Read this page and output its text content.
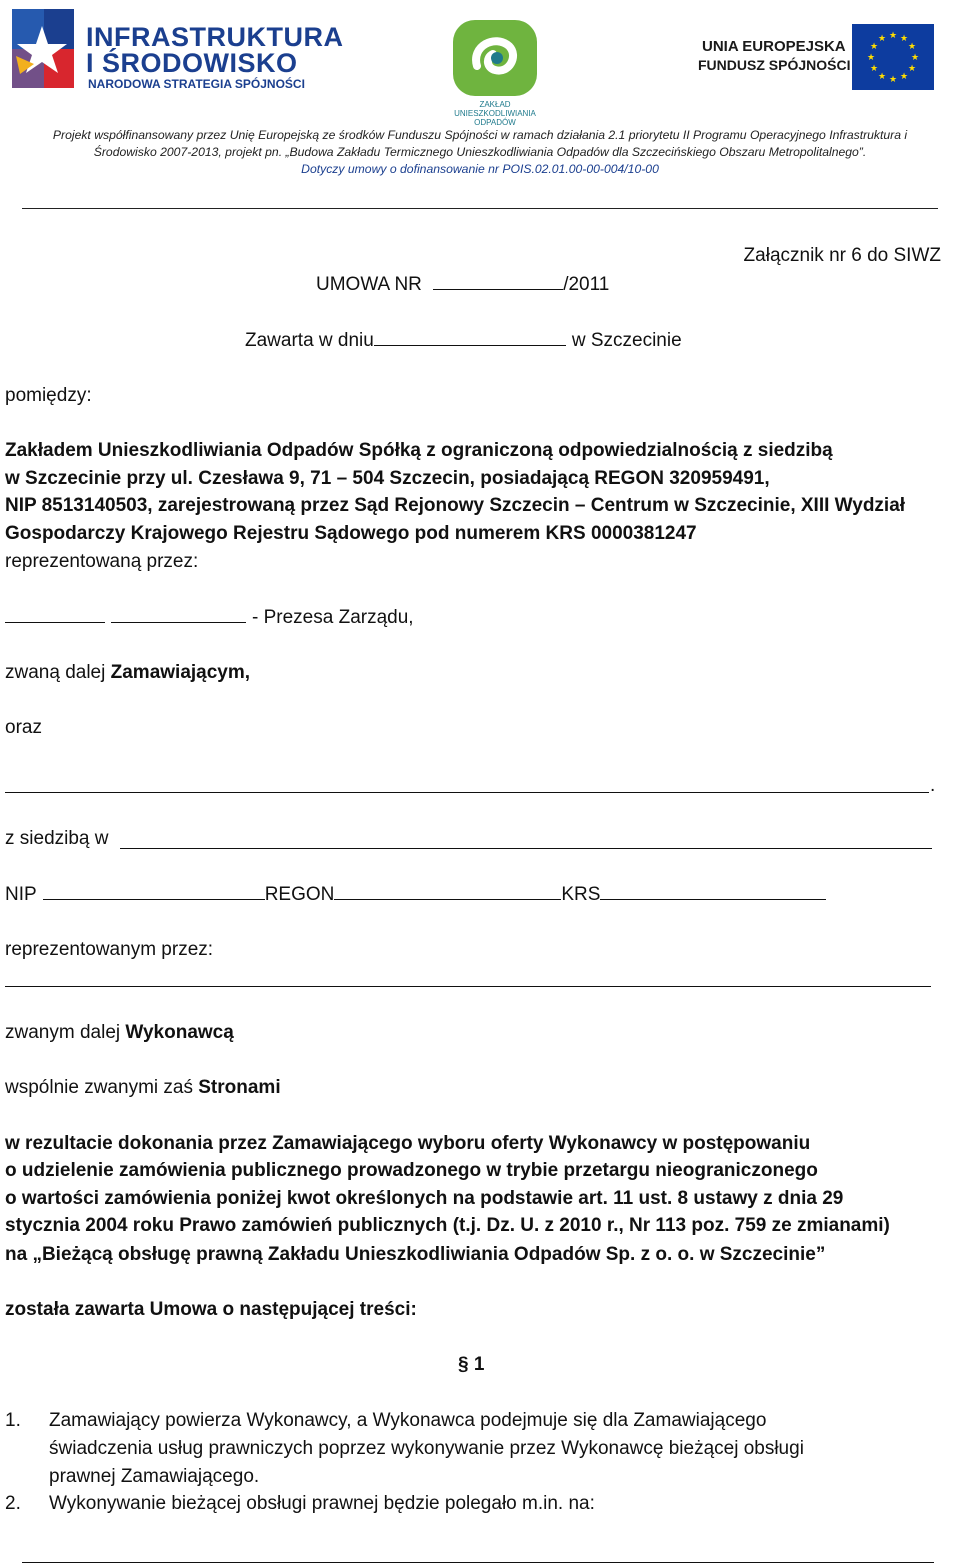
INFRASTRUKTURA
I ŚRODOWISKO
NARODOWA STRATEGIA SPÓJNOŚCI
ZAKŁAD
UNIESZKODLIWIANIA
ODPADÓW
UNIA EUROPEJSKA
FUNDUSZ SPÓJNOŚCI
★ ★
★
★
★
★
★
★
★
★
★
★
Projekt współfinansowany przez Unię Europejską ze środków Funduszu Spójności w ramach działania 2.1 priorytetu II Programu Operacyjnego Infrastruktura i
Środowisko 2007-2013, projekt pn. „Budowa Zakładu Termicznego Unieszkodliwiania Odpadów dla Szczecińskiego Obszaru Metropolitalnego”.
Dotyczy umowy o dofinansowanie nr POIS.02.01.00-00-004/10-00
Załącznik nr 6 do SIWZ
UMOWA NR	/2011
Zawarta w dniu	w Szczecinie
pomiędzy:
Zakładem Unieszkodliwiania Odpadów Spółką z ograniczoną odpowiedzialnością z siedzibą
w Szczecinie przy ul. Czesława 9, 71 – 504 Szczecin, posiadającą REGON 320959491,
NIP 8513140503, zarejestrowaną przez Sąd Rejonowy Szczecin – Centrum w Szczecinie, XIII Wydział
Gospodarczy Krajowego Rejestru Sądowego pod numerem KRS 0000381247
reprezentowaną przez:
- Prezesa Zarządu,
zwaną dalej Zamawiającym,
oraz
.
z siedzibą w
NIP	REGON	KRS
reprezentowanym przez:
zwanym dalej Wykonawcą
wspólnie zwanymi zaś Stronami
w rezultacie dokonania przez Zamawiającego wyboru oferty Wykonawcy w postępowaniu
o udzielenie zamówienia publicznego prowadzonego w trybie przetargu nieograniczonego
o wartości zamówienia poniżej kwot określonych na podstawie art. 11 ust. 8 ustawy z dnia 29
stycznia 2004 roku Prawo zamówień publicznych (t.j. Dz. U. z 2010 r., Nr 113 poz. 759 ze zmianami)
na „Bieżącą obsługę prawną Zakładu Unieszkodliwiania Odpadów Sp. z o. o. w Szczecinie”
została zawarta Umowa o następującej treści:
§ 1
1. Zamawiający powierza Wykonawcy, a Wykonawca podejmuje się dla Zamawiającego
świadczenia usług prawniczych poprzez wykonywanie przez Wykonawcę bieżącej obsługi
prawnej Zamawiającego.
2. Wykonywanie bieżącej obsługi prawnej będzie polegało m.in. na:
